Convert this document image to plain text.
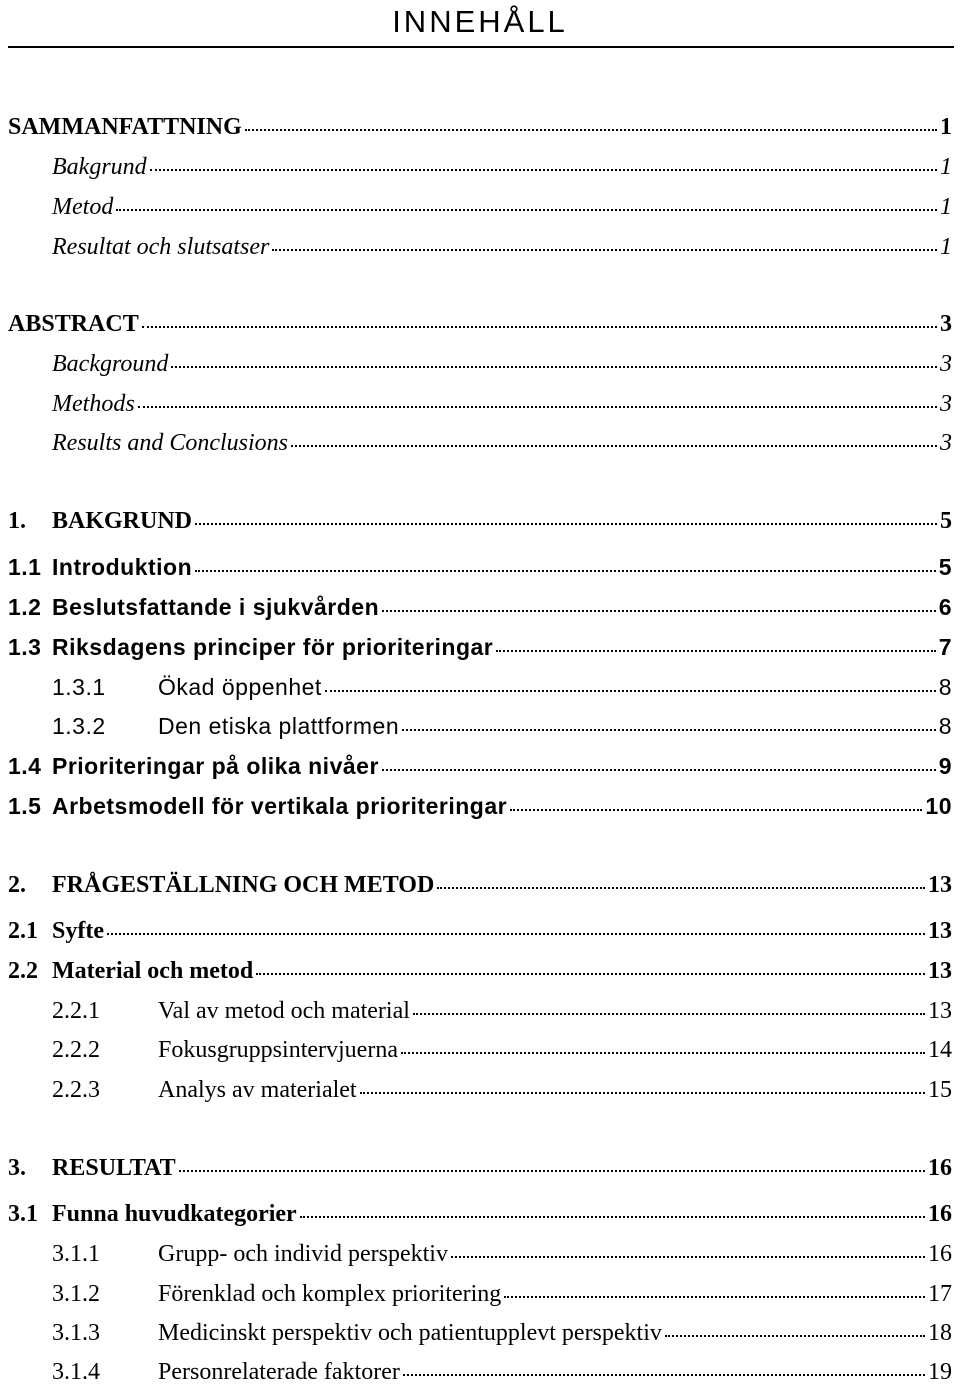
INNEHÅLL
SAMMANFATTNING	1
Bakgrund	1
Metod	1
Resultat och slutsatser	1
ABSTRACT	3
Background	3
Methods	3
Results and Conclusions	3
1.	BAKGRUND	5
1.1 Introduktion	5
1.2 Beslutsfattande i sjukvården	6
1.3 Riksdagens principer för prioriteringar	7
1.3.1	Ökad öppenhet	8
1.3.2	Den etiska plattformen	8
1.4 Prioriteringar på olika nivåer	9
1.5 Arbetsmodell för vertikala prioriteringar	10
2.	FRÅGESTÄLLNING OCH METOD	13
2.1 Syfte	13
2.2 Material och metod	13
2.2.1	Val av metod och material	13
2.2.2	Fokusgruppsintervjuerna	14
2.2.3	Analys av materialet	15
3.	RESULTAT	16
3.1 Funna huvudkategorier	16
3.1.1	Grupp- och individ perspektiv	16
3.1.2	Förenklad och komplex prioritering	17
3.1.3	Medicinskt perspektiv och patientupplevt perspektiv	18
3.1.4	Personrelaterade faktorer	19
